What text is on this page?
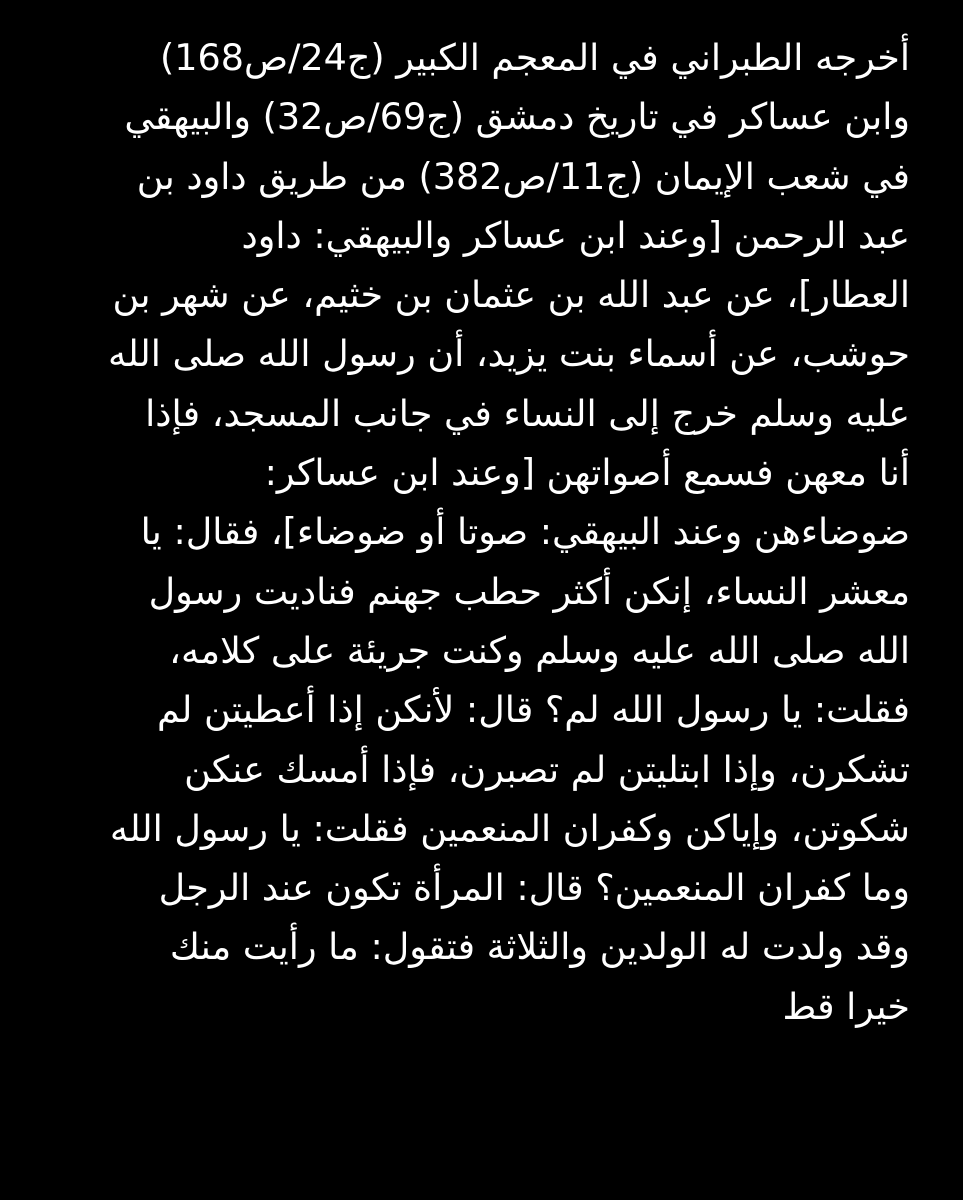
أخرجه الطبراني في المعجم الكبير (ج24/ص168)
وابن عساكر في تاريخ دمشق (ج69/ص32) والبيهقي
في شعب الإيمان (ج11/ص382) من طريق داود بن
عبد الرحمن [وعند ابن عساكر والبيهقي: داود
العطار]، عن عبد الله بن عثمان بن خثيم، عن شهر بن
حوشب، عن أسماء بنت يزيد، أن رسول الله صلى الله
عليه وسلم خرج إلى النساء في جانب المسجد، فإذا
أنا معهن فسمع أصواتهن [وعند ابن عساكر:
ضوضاءهن وعند البيهقي: صوتا أو ضوضاء]، فقال: يا
معشر النساء، إنكن أكثر حطب جهنم فناديت رسول
الله صلى الله عليه وسلم وكنت جريئة على كلامه،
فقلت: يا رسول الله لم؟ قال: لأنكن إذا أعطيتن لم
تشكرن، وإذا ابتليتن لم تصبرن، فإذا أمسك عنكن
شكوتن، وإياكن وكفران المنعمين فقلت: يا رسول الله
وما كفران المنعمين؟ قال: المرأة تكون عند الرجل
وقد ولدت له الولدين والثلاثة فتقول: ما رأيت منك
خيرا قط
